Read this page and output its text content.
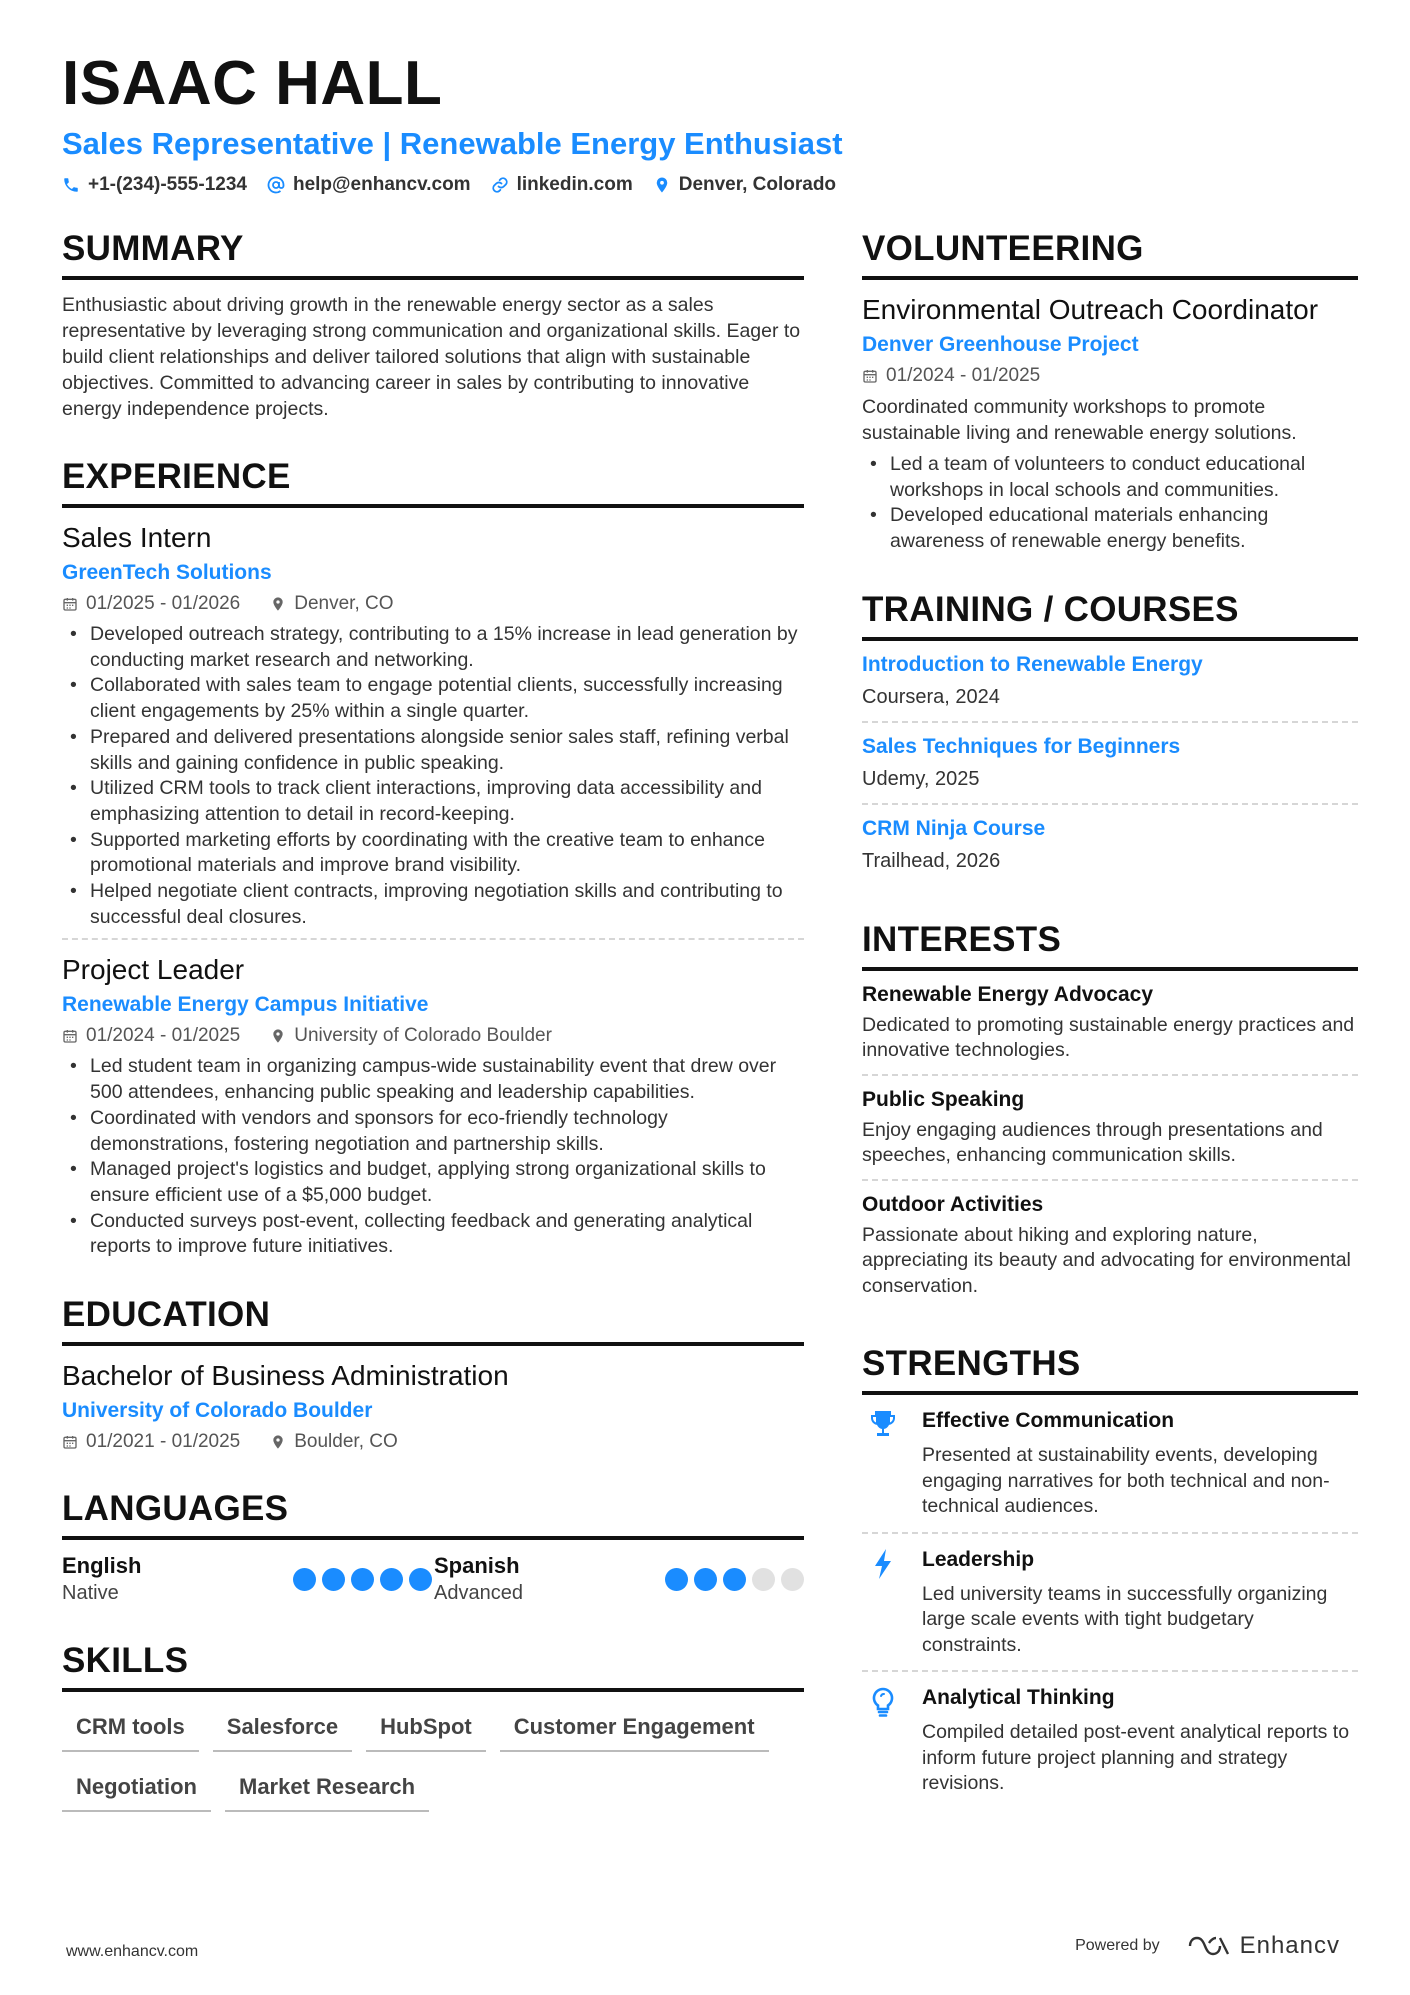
ISAAC HALL
Sales Representative | Renewable Energy Enthusiast
+1-(234)-555-1234 help@enhancv.com linkedin.com Denver, Colorado
SUMMARY

Enthusiastic about driving growth in the renewable energy sector as a sales representative by leveraging strong communication and organizational skills. Eager to build client relationships and deliver tailored solutions that align with sustainable objectives. Committed to advancing career in sales by contributing to innovative energy independence projects.

EXPERIENCE
Sales Intern
GreenTech Solutions
01/2025 - 01/2026	Denver, CO
• Developed outreach strategy, contributing to a 15% increase in lead generation by conducting market research and networking.
• Collaborated with sales team to engage potential clients, successfully increasing client engagements by 25% within a single quarter.
• Prepared and delivered presentations alongside senior sales staff, refining verbal skills and gaining confidence in public speaking.
• Utilized CRM tools to track client interactions, improving data accessibility and emphasizing attention to detail in record-keeping.
• Supported marketing efforts by coordinating with the creative team to enhance promotional materials and improve brand visibility.
• Helped negotiate client contracts, improving negotiation skills and contributing to successful deal closures.
Project Leader
Renewable Energy Campus Initiative
01/2024 - 01/2025	University of Colorado Boulder
• Led student team in organizing campus-wide sustainability event that drew over 500 attendees, enhancing public speaking and leadership capabilities.
• Coordinated with vendors and sponsors for eco-friendly technology demonstrations, fostering negotiation and partnership skills.
• Managed project's logistics and budget, applying strong organizational skills to ensure efficient use of a $5,000 budget.
• Conducted surveys post-event, collecting feedback and generating analytical reports to improve future initiatives.
EDUCATION
Bachelor of Business Administration
University of Colorado Boulder
01/2021 - 01/2025	Boulder, CO
LANGUAGES
English
Native
Spanish
Advanced
SKILLS
CRM tools	Salesforce	HubSpot	Customer Engagement
Negotiation	Market Research
VOLUNTEERING
Environmental Outreach Coordinator
Denver Greenhouse Project
01/2024 - 01/2025

Coordinated community workshops to promote sustainable living and renewable energy solutions.

• Led a team of volunteers to conduct educational workshops in local schools and communities.
• Developed educational materials enhancing awareness of renewable energy benefits.
TRAINING / COURSES
Introduction to Renewable Energy
Coursera, 2024
Sales Techniques for Beginners
Udemy, 2025
CRM Ninja Course
Trailhead, 2026
INTERESTS
Renewable Energy Advocacy
Dedicated to promoting sustainable energy practices and innovative technologies.
Public Speaking
Enjoy engaging audiences through presentations and speeches, enhancing communication skills.
Outdoor Activities
Passionate about hiking and exploring nature, appreciating its beauty and advocating for environmental conservation.
STRENGTHS
Effective Communication
Presented at sustainability events, developing engaging narratives for both technical and non-technical audiences.
Leadership
Led university teams in successfully organizing large scale events with tight budgetary constraints.
Analytical Thinking
Compiled detailed post-event analytical reports to inform future project planning and strategy revisions.
www.enhancv.com	Powered by	Enhancv
